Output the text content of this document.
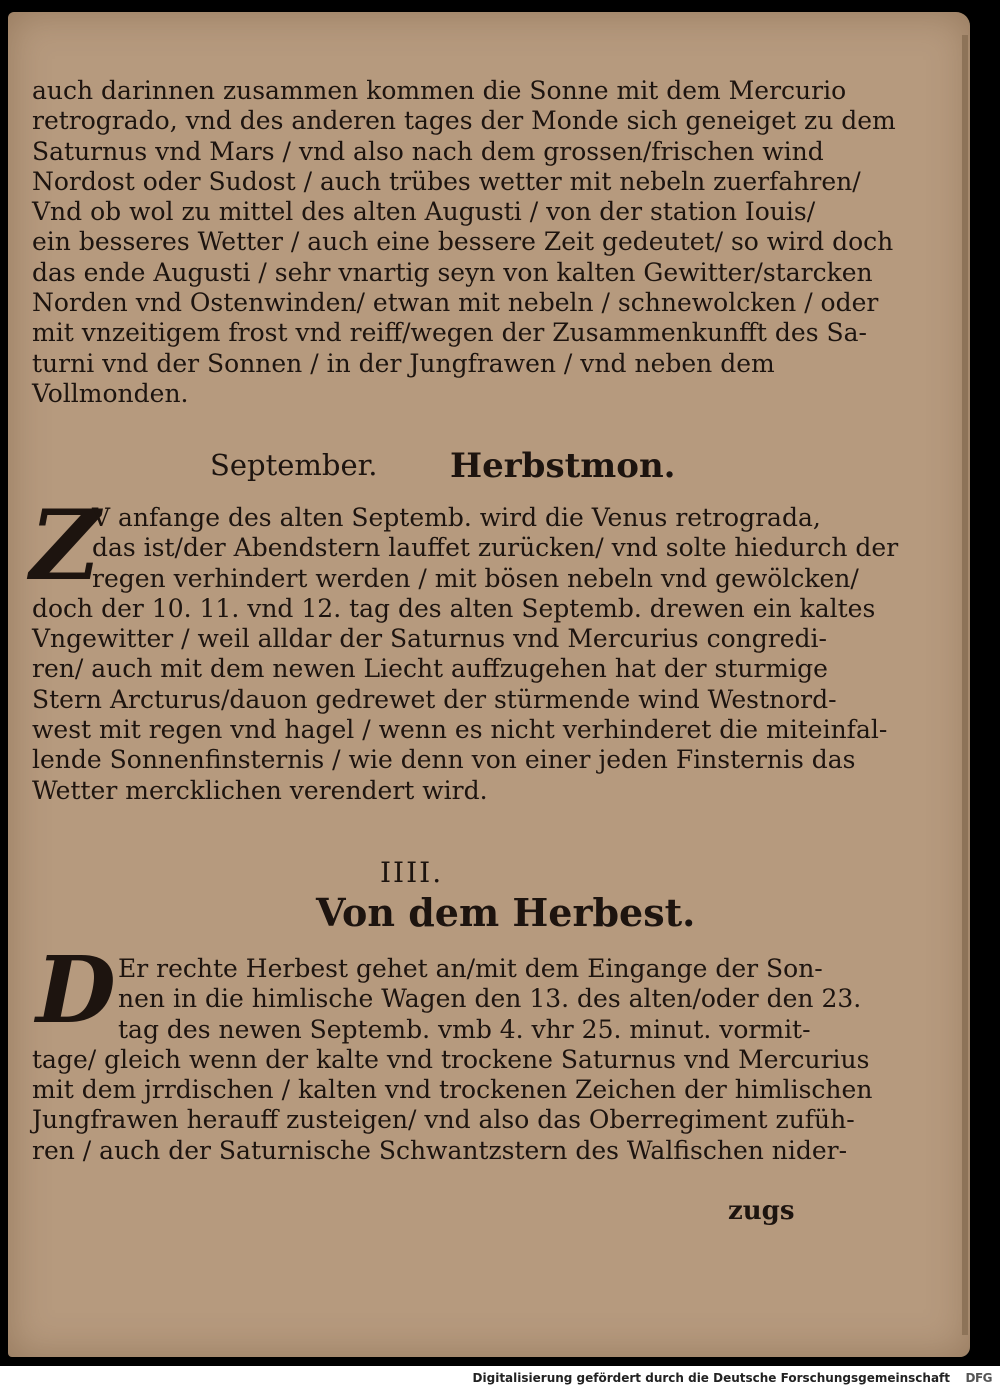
auch darinnen zusammen kommen die Sonne mit dem Mercurio
retrogrado, vnd des anderen tages der Monde sich geneiget zu dem
Saturnus vnd Mars / vnd also nach dem grossen/frischen wind
Nordost oder Sudost / auch trübes wetter mit nebeln zuerfahren/
Vnd ob wol zu mittel des alten Augusti / von der station Iouis/
ein besseres Wetter / auch eine bessere Zeit gedeutet/ so wird doch
das ende Augusti / sehr vnartig seyn von kalten Gewitter/starcken
Norden vnd Ostenwinden/ etwan mit nebeln / schnewolcken / oder
mit vnzeitigem frost vnd reiff/wegen der Zusammenkunfft des Sa-
turni vnd der Sonnen / in der Jungfrawen / vnd neben dem
Vollmonden.
September. Herbstmon.
Z
V anfange des alten Septemb. wird die Venus retrograda,
das ist/der Abendstern lauffet zurücken/ vnd solte hiedurch der
regen verhindert werden / mit bösen nebeln vnd gewölcken/
doch der 10. 11. vnd 12. tag des alten Septemb. drewen ein kaltes
Vngewitter / weil alldar der Saturnus vnd Mercurius congredi-
ren/ auch mit dem newen Liecht auffzugehen hat der sturmige
Stern Arcturus/dauon gedrewet der stürmende wind Westnord-
west mit regen vnd hagel / wenn es nicht verhinderet die miteinfal-
lende Sonnenfinsternis / wie denn von einer jeden Finsternis das
Wetter mercklichen verendert wird.
IIII.
Von dem Herbest.
D Er rechte Herbest gehet an/mit dem Eingange der Son-
nen in die himlische Wagen den 13. des alten/oder den 23.
tag des newen Septemb. vmb 4. vhr 25. minut. vormit-
tage/ gleich wenn der kalte vnd trockene Saturnus vnd Mercurius
mit dem jrrdischen / kalten vnd trockenen Zeichen der himlischen
Jungfrawen herauff zusteigen/ vnd also das Oberregiment zufüh-
ren / auch der Saturnische Schwantzstern des Walfischen nider-
zugs
Digitalisierung gefördert durch die Deutsche Forschungsgemeinschaft DFG
